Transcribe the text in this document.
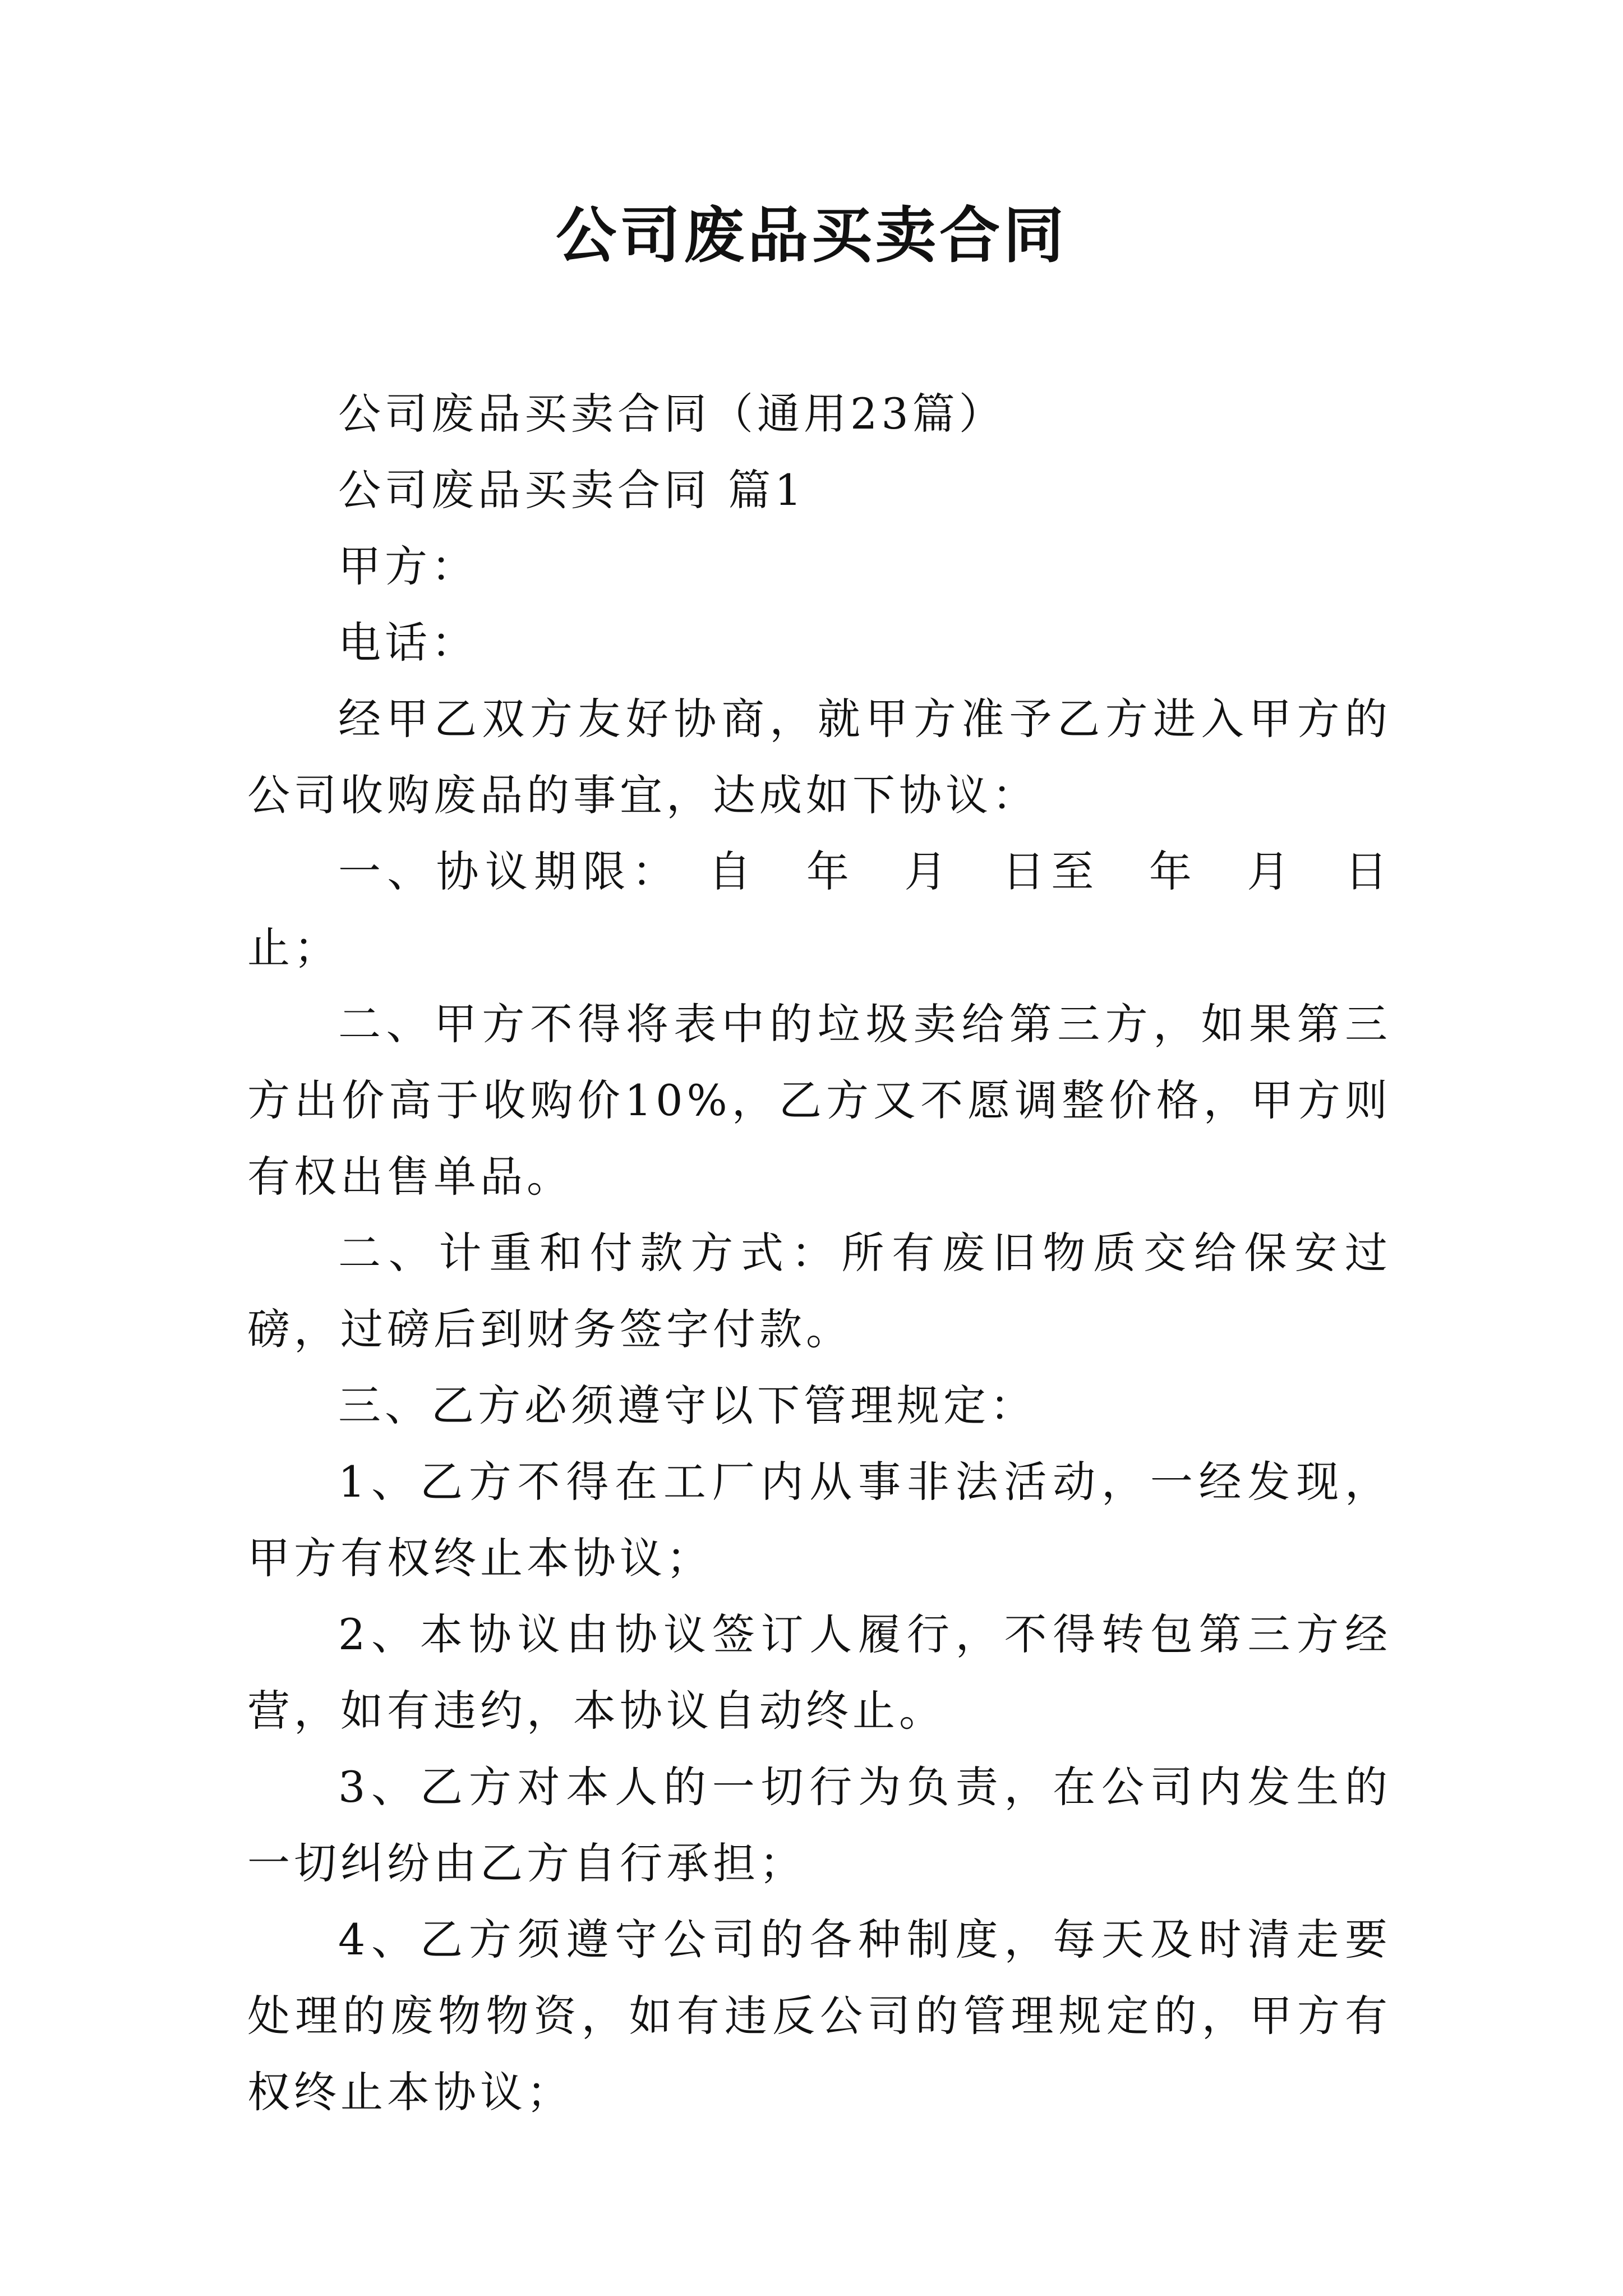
公司废品买卖合同

公司废品买卖合同（通用23篇）

公司废品买卖合同 篇1

甲方：

电话：

经甲乙双方友好协商，就甲方准予乙方进入甲方的公司收购废品的事宜，达成如下协议：

一、协议期限：　自　年　月　日至　年　月　日止；

二、甲方不得将表中的垃圾卖给第三方，如果第三方出价高于收购价10%，乙方又不愿调整价格，甲方则有权出售单品。

二、计重和付款方式：所有废旧物质交给保安过磅，过磅后到财务签字付款。

三、乙方必须遵守以下管理规定：

1、乙方不得在工厂内从事非法活动，一经发现，甲方有权终止本协议；

2、本协议由协议签订人履行，不得转包第三方经营，如有违约，本协议自动终止。

3、乙方对本人的一切行为负责，在公司内发生的一切纠纷由乙方自行承担；

4、乙方须遵守公司的各种制度，每天及时清走要处理的废物物资，如有违反公司的管理规定的，甲方有权终止本协议；
